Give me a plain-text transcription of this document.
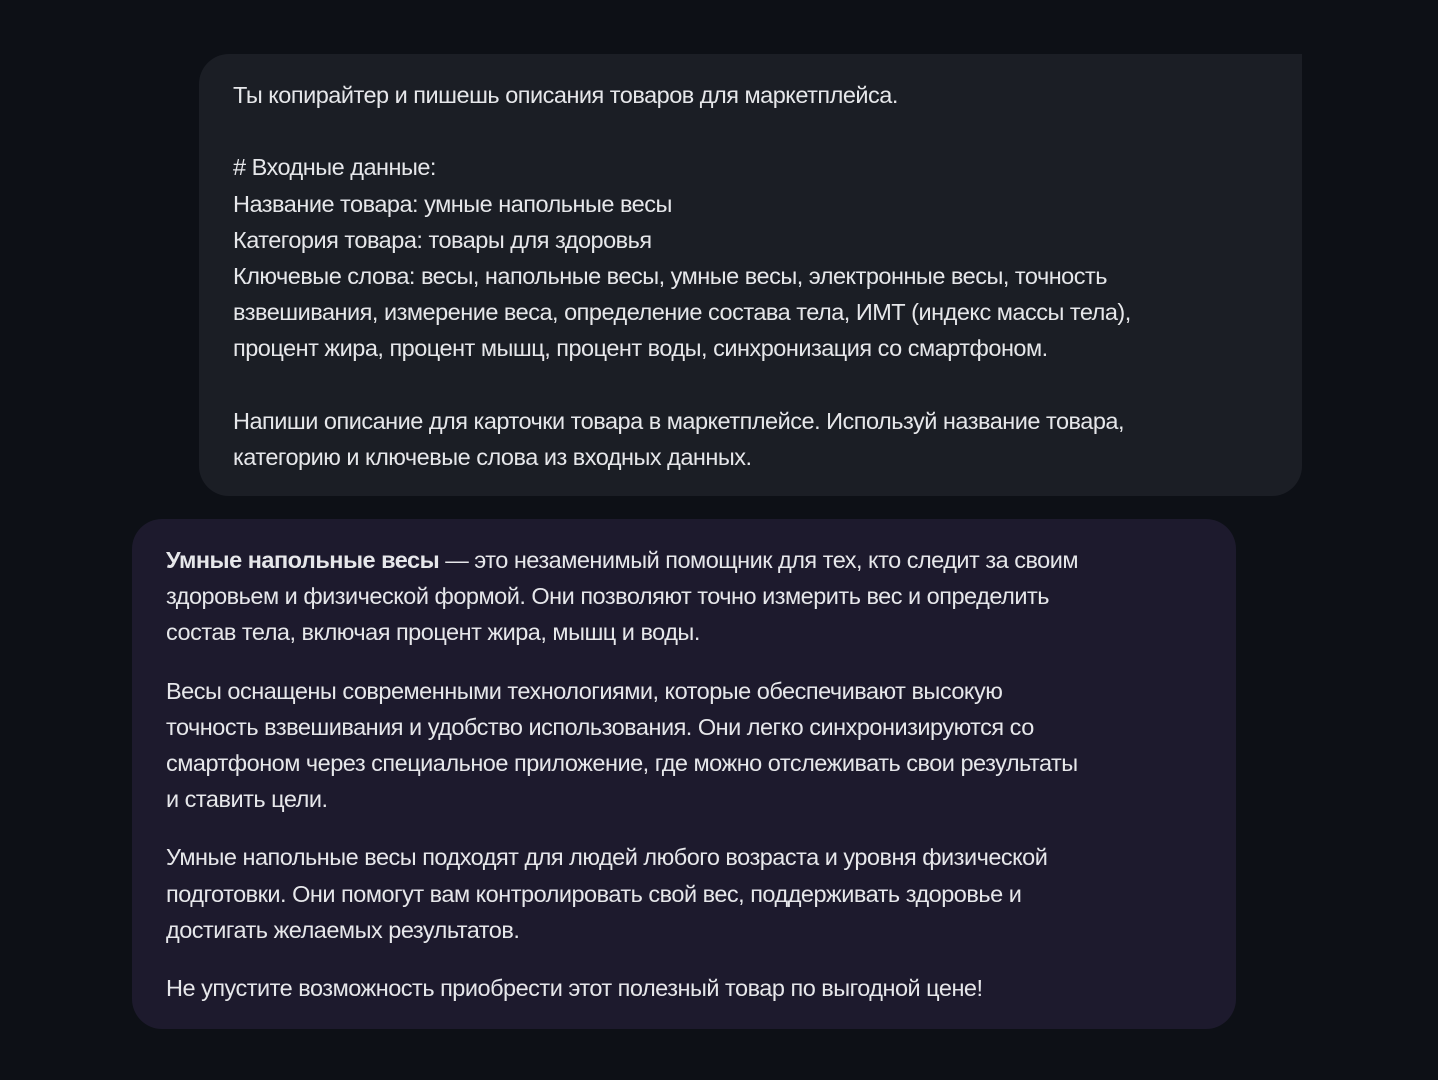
Ты копирайтер и пишешь описания товаров для маркетплейса.

# Входные данные:

Название товара: умные напольные весы

Категория товара: товары для здоровья

Ключевые слова: весы, напольные весы, умные весы, электронные весы, точность

взвешивания, измерение веса, определение состава тела, ИМТ (индекс массы тела),

процент жира, процент мышц, процент воды, синхронизация со смартфоном.

Напиши описание для карточки товара в маркетплейсе. Используй название товара,

категорию и ключевые слова из входных данных.

Умные напольные весы — это незаменимый помощник для тех, кто следит за своим

здоровьем и физической формой. Они позволяют точно измерить вес и определить

состав тела, включая процент жира, мышц и воды.

Весы оснащены современными технологиями, которые обеспечивают высокую

точность взвешивания и удобство использования. Они легко синхронизируются со

смартфоном через специальное приложение, где можно отслеживать свои результаты

и ставить цели.

Умные напольные весы подходят для людей любого возраста и уровня физической

подготовки. Они помогут вам контролировать свой вес, поддерживать здоровье и

достигать желаемых результатов.

Не упустите возможность приобрести этот полезный товар по выгодной цене!
